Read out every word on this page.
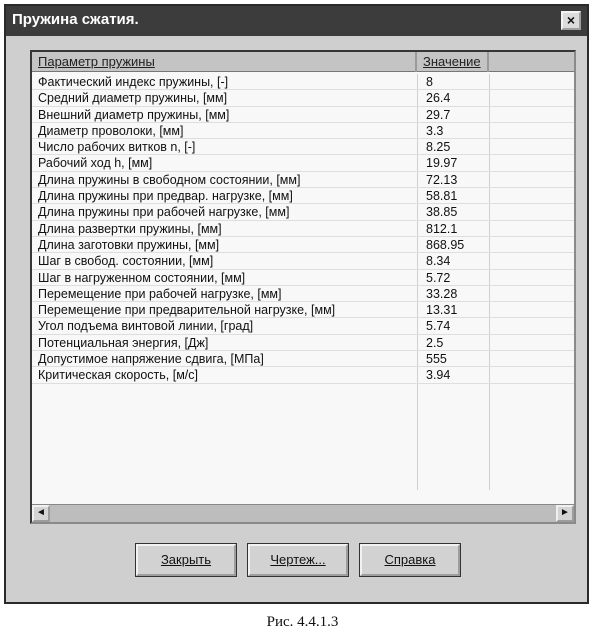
Пружина сжатия.	×
Параметр пружины	Значение
Фактический индекс пружины, [-]	8
Средний диаметр пружины, [мм]	26.4
Внешний диаметр пружины, [мм]	29.7
Диаметр проволоки, [мм]	3.3
Число рабочих витков n, [-]	8.25
Рабочий ход h, [мм]	19.97
Длина пружины в свободном состоянии, [мм]	72.13
Длина пружины при предвар. нагрузке, [мм]	58.81
Длина пружины при рабочей нагрузке, [мм]	38.85
Длина развертки пружины, [мм]	812.1
Длина заготовки пружины, [мм]	868.95
Шаг в свобод. состоянии, [мм]	8.34
Шаг в нагруженном состоянии, [мм]	5.72
Перемещение при рабочей нагрузке, [мм]	33.28
Перемещение при предварительной нагрузке, [мм]	13.31
Угол подъема винтовой линии, [град]	5.74
Потенциальная энергия, [Дж]	2.5
Допустимое напряжение сдвига, [МПа]	555
Критическая скорость, [м/с]	3.94
◄	►
Закрыть	Чертеж...	Справка
Рис. 4.4.1.3
